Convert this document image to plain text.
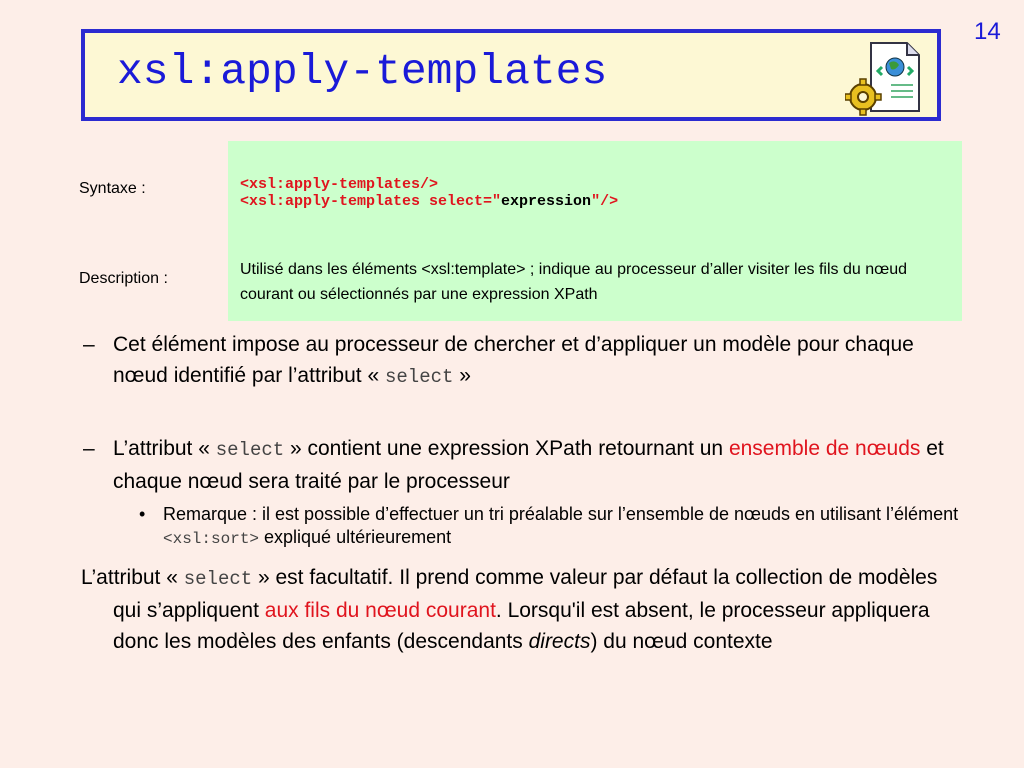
14
xsl:apply-templates
Syntaxe :
Description :
<xsl:apply-templates/>
<xsl:apply-templates select="expression"/>
Utilisé dans les éléments <xsl:template> ; indique au processeur d’aller visiter les fils du nœud courant ou sélectionnés par une expression XPath
– Cet élément impose au processeur de chercher et d’appliquer un modèle pour chaque nœud identifié par l’attribut « select »
– L’attribut « select » contient une expression XPath retournant un ensemble de nœuds et chaque nœud sera traité par le processeur
• Remarque : il est possible d’effectuer un tri préalable sur l’ensemble de nœuds en utilisant l’élément <xsl:sort> expliqué ultérieurement
L’attribut « select » est facultatif. Il prend comme valeur par défaut la collection de modèles qui s’appliquent aux fils du nœud courant. Lorsqu'il est absent, le processeur appliquera donc les modèles des enfants (descendants directs) du nœud contexte
